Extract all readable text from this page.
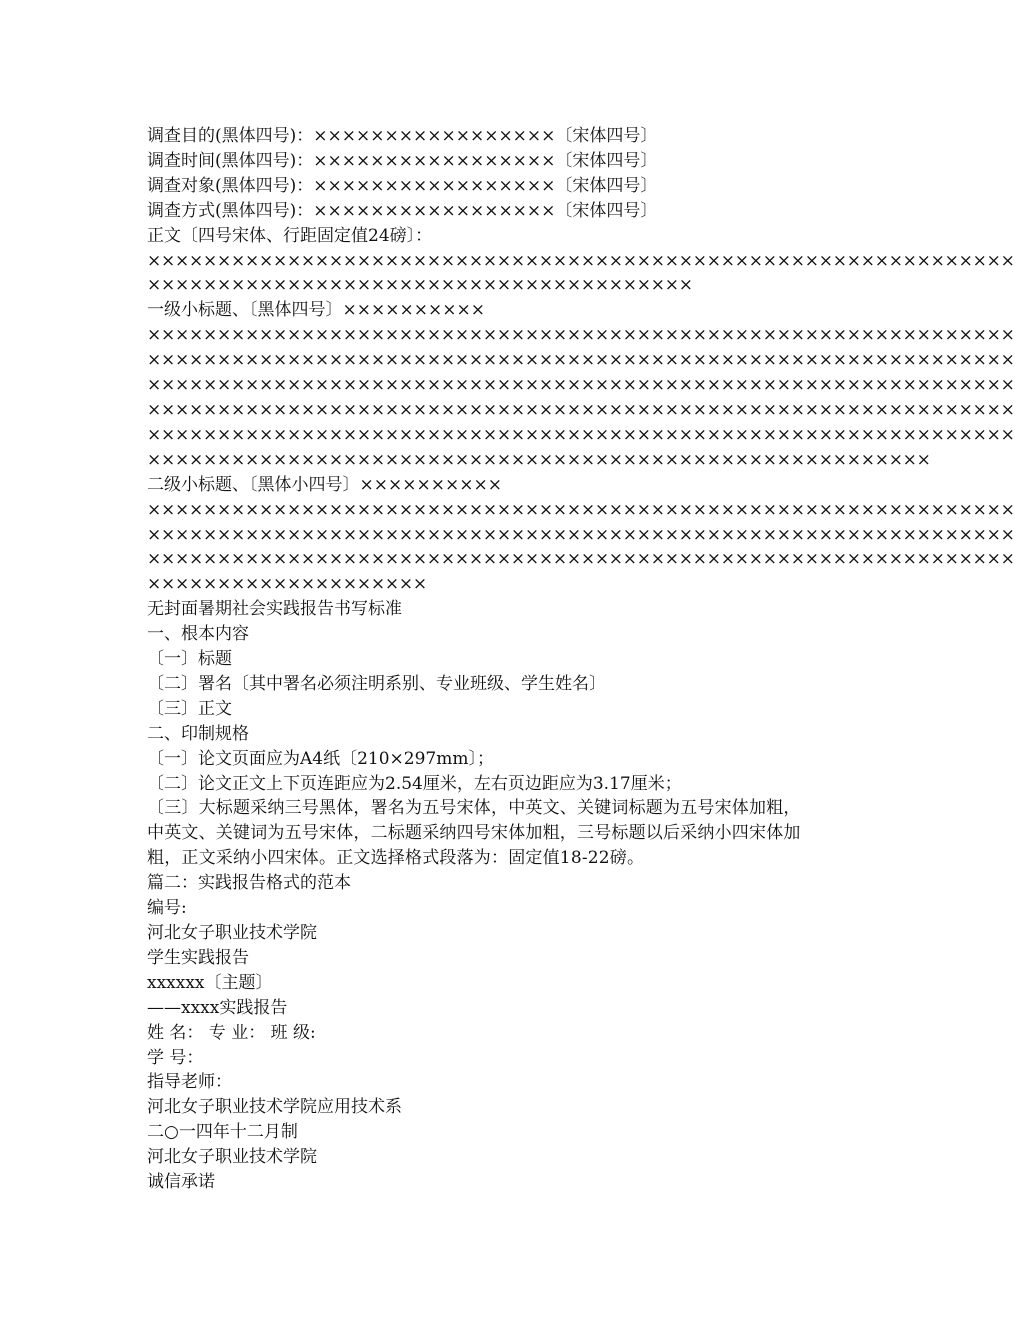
调查目的(黑体四号)：×××××××××××××××××〔宋体四号〕

调查时间(黑体四号)：×××××××××××××××××〔宋体四号〕

调查对象(黑体四号)：×××××××××××××××××〔宋体四号〕

调查方式(黑体四号)：×××××××××××××××××〔宋体四号〕

正文〔四号宋体、行距固定值24磅〕：

××××××××××××××××××××××××××××××××××××××××××××××××××××××××××××××

×××××××××××××××××××××××××××××××××××××××

一级小标题、〔黑体四号〕××××××××××

××××××××××××××××××××××××××××××××××××××××××××××××××××××××××××××

××××××××××××××××××××××××××××××××××××××××××××××××××××××××××××××

××××××××××××××××××××××××××××××××××××××××××××××××××××××××××××××

××××××××××××××××××××××××××××××××××××××××××××××××××××××××××××××

××××××××××××××××××××××××××××××××××××××××××××××××××××××××××××××

××××××××××××××××××××××××××××××××××××××××××××××××××××××××

二级小标题、〔黑体小四号〕××××××××××

××××××××××××××××××××××××××××××××××××××××××××××××××××××××××××××

××××××××××××××××××××××××××××××××××××××××××××××××××××××××××××××

××××××××××××××××××××××××××××××××××××××××××××××××××××××××××××××

××××××××××××××××××××

无封面暑期社会实践报告书写标准

一、根本内容

〔一〕标题

〔二〕署名〔其中署名必须注明系别、专业班级、学生姓名〕

〔三〕正文

二、印制规格

〔一〕论文页面应为A4纸〔210×297mm〕；

〔二〕论文正文上下页连距应为2.54厘米，左右页边距应为3.17厘米；

〔三〕大标题采纳三号黑体，署名为五号宋体，中英文、关键词标题为五号宋体加粗，中英文、关键词为五号宋体，二标题采纳四号宋体加粗，三号标题以后采纳小四宋体加粗，正文采纳小四宋体。正文选择格式段落为：固定值18-22磅。

篇二：实践报告格式的范本

编号:

河北女子职业技术学院

学生实践报告

xxxxxx〔主题〕

——xxxx实践报告

姓 名： 专 业： 班 级:

学 号：

指导老师：

河北女子职业技术学院应用技术系

二○一四年十二月制

河北女子职业技术学院

诚信承诺
